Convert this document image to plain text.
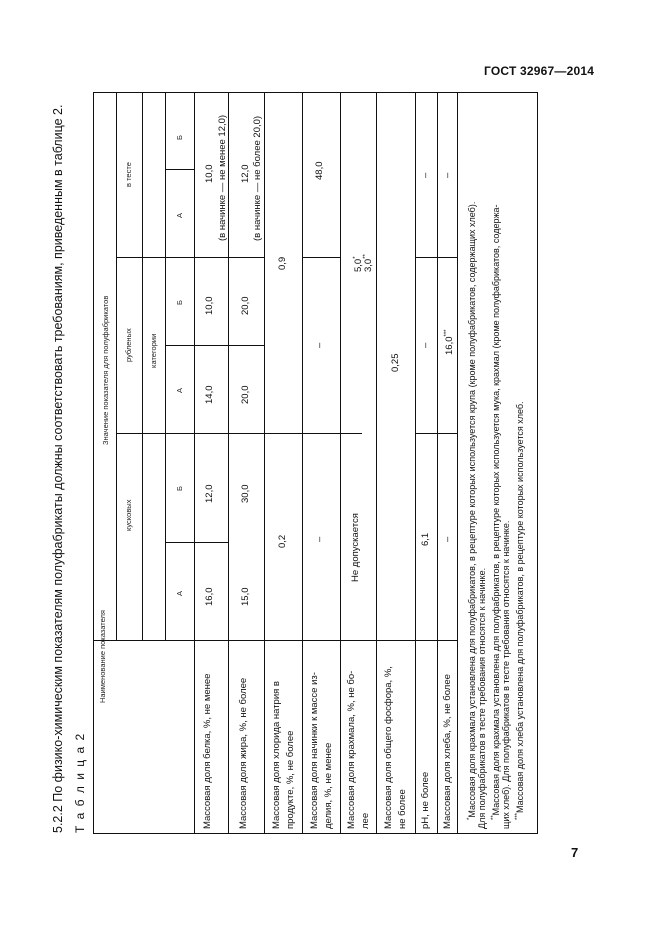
ГОСТ 32967—2014
5.2.2 По физико-химическим показателям полуфабрикаты должны соответствовать требованиям, приведенным в таблице 2. Т а б л и ц а 2
Наименование показателя
Значение показателя для полуфабрикатов
кусковых
рубленых
в тесте
категории
А
Б
А
Б
А
Б
Массовая доля белка, %, не менее
16,0
12,0
14,0
10,0
10,0 (в начинке — не менее 12,0)
Массовая доля жира, %, не более
15,0
30,0
20,0
20,0
12,0 (в начинке — не более 20,0)
Массовая доля хлорида натрия в продукте, %, не более
0,2
0,9
Массовая доля начинки к массе из- делия, %, не менее
–
–
48,0
Массовая доля крахмала, %, не бо- лее
Не допускается
5,0*
3,0**
Массовая доля общего фосфора, %, не более
0,25
pH, не более
6,1
–
–
Массовая доля хлеба, %, не более
–
16,0***
–
*Массовая доля крахмала установлена для полуфабрикатов, в рецептуре которых используется крупа (кроме полуфабрикатов, содержащих хлеб). Для полуфабрикатов в тесте требования относятся к начинке. **Массовая доля крахмала установлена для полуфабрикатов, в рецептуре которых используется мука, крахмал (кроме полуфабрикатов, содержа- щих хлеб). Для полуфабрикатов в тесте требования относятся к начинке. ***Массовая доля хлеба установлена для полуфабрикатов, в рецептуре которых используется хлеб.
7
